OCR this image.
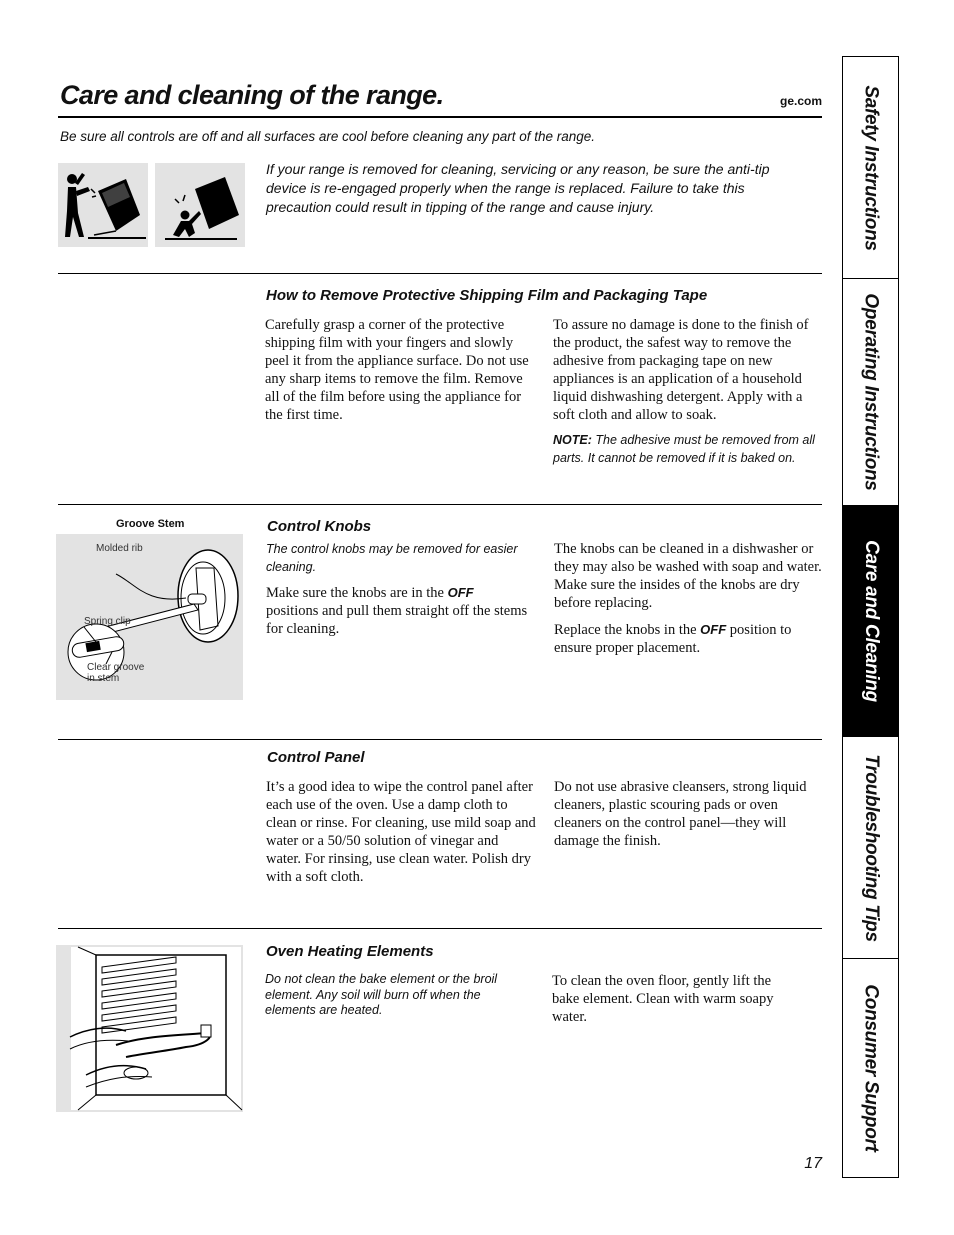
Care and cleaning of the range.	ge.com
Be sure all controls are off and all surfaces are cool before cleaning any part of the range.
If your range is removed for cleaning, servicing or any reason, be sure the anti-tip device is re-engaged properly when the range is replaced. Failure to take this precaution could result in tipping of the range and cause injury.
How to Remove Protective Shipping Film and Packaging Tape
Carefully grasp a corner of the protective shipping film with your fingers and slowly peel it from the appliance surface. Do not use any sharp items to remove the film. Remove all of the film before using the appliance for the first time.
To assure no damage is done to the finish of the product, the safest way to remove the adhesive from packaging tape on new appliances is an application of a household liquid dishwashing detergent. Apply with a soft cloth and allow to soak.
NOTE: The adhesive must be removed from all parts. It cannot be removed if it is baked on.
Groove Stem
Molded rib
Spring clip
Clear groove
in stem
Control Knobs
The control knobs may be removed for easier cleaning.
Make sure the knobs are in the OFF positions and pull them straight off the stems for cleaning.
The knobs can be cleaned in a dishwasher or they may also be washed with soap and water. Make sure the insides of the knobs are dry before replacing.
Replace the knobs in the OFF position to ensure proper placement.
Control Panel
It’s a good idea to wipe the control panel after each use of the oven. Use a damp cloth to clean or rinse. For cleaning, use mild soap and water or a 50/50 solution of vinegar and water. For rinsing, use clean water. Polish dry with a soft cloth.
Do not use abrasive cleansers, strong liquid cleaners, plastic scouring pads or oven cleaners on the control panel—they will damage the finish.
Oven Heating Elements
Do not clean the bake element or the broil element. Any soil will burn off when the elements are heated.
To clean the oven floor, gently lift the bake element. Clean with warm soapy water.
17
Safety Instructions
Operating Instructions
Care and Cleaning
Troubleshooting Tips
Consumer Support
